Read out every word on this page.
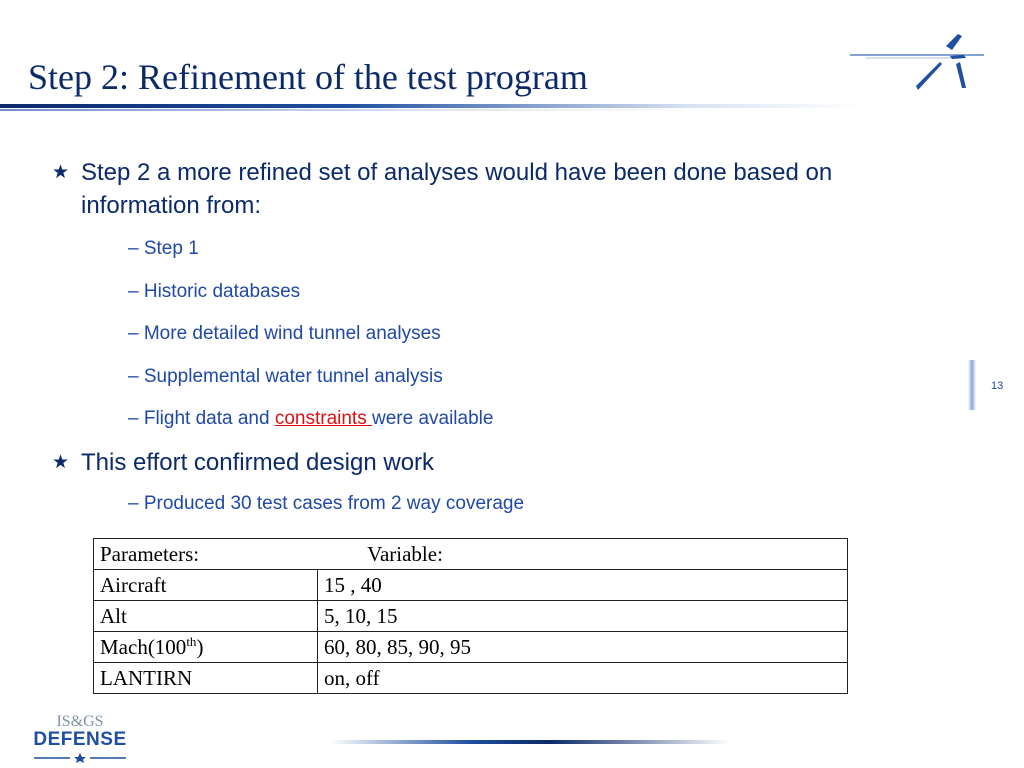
Step 2: Refinement of the test program
★ Step 2 a more refined set of analyses would have been done based on information from:
– Step 1
– Historic databases
– More detailed wind tunnel analyses
– Supplemental water tunnel analysis
– Flight data and constraints were available
★ This effort confirmed design work
– Produced 30 test cases from 2 way coverage
Parameters: Variable:	
Aircraft	15 , 40
Alt	5, 10, 15
Mach(100th)	60, 80, 85, 90, 95
LANTIRN	on, off
13
IS&GS
DEFENSE
